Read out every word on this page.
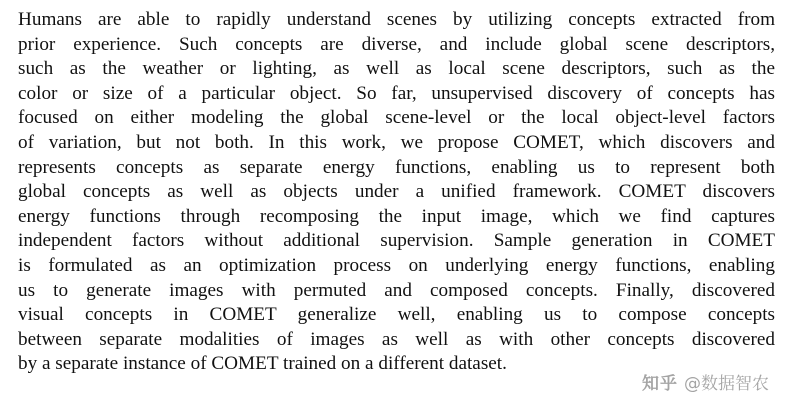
Humans are able to rapidly understand scenes by utilizing concepts extracted from
prior experience. Such concepts are diverse, and include global scene descriptors,
such as the weather or lighting, as well as local scene descriptors, such as the
color or size of a particular object. So far, unsupervised discovery of concepts has
focused on either modeling the global scene-level or the local object-level factors
of variation, but not both. In this work, we propose COMET, which discovers and
represents concepts as separate energy functions, enabling us to represent both
global concepts as well as objects under a unified framework. COMET discovers
energy functions through recomposing the input image, which we find captures
independent factors without additional supervision. Sample generation in COMET
is formulated as an optimization process on underlying energy functions, enabling
us to generate images with permuted and composed concepts. Finally, discovered
visual concepts in COMET generalize well, enabling us to compose concepts
between separate modalities of images as well as with other concepts discovered
by a separate instance of COMET trained on a different dataset.
知乎 @数据智农
